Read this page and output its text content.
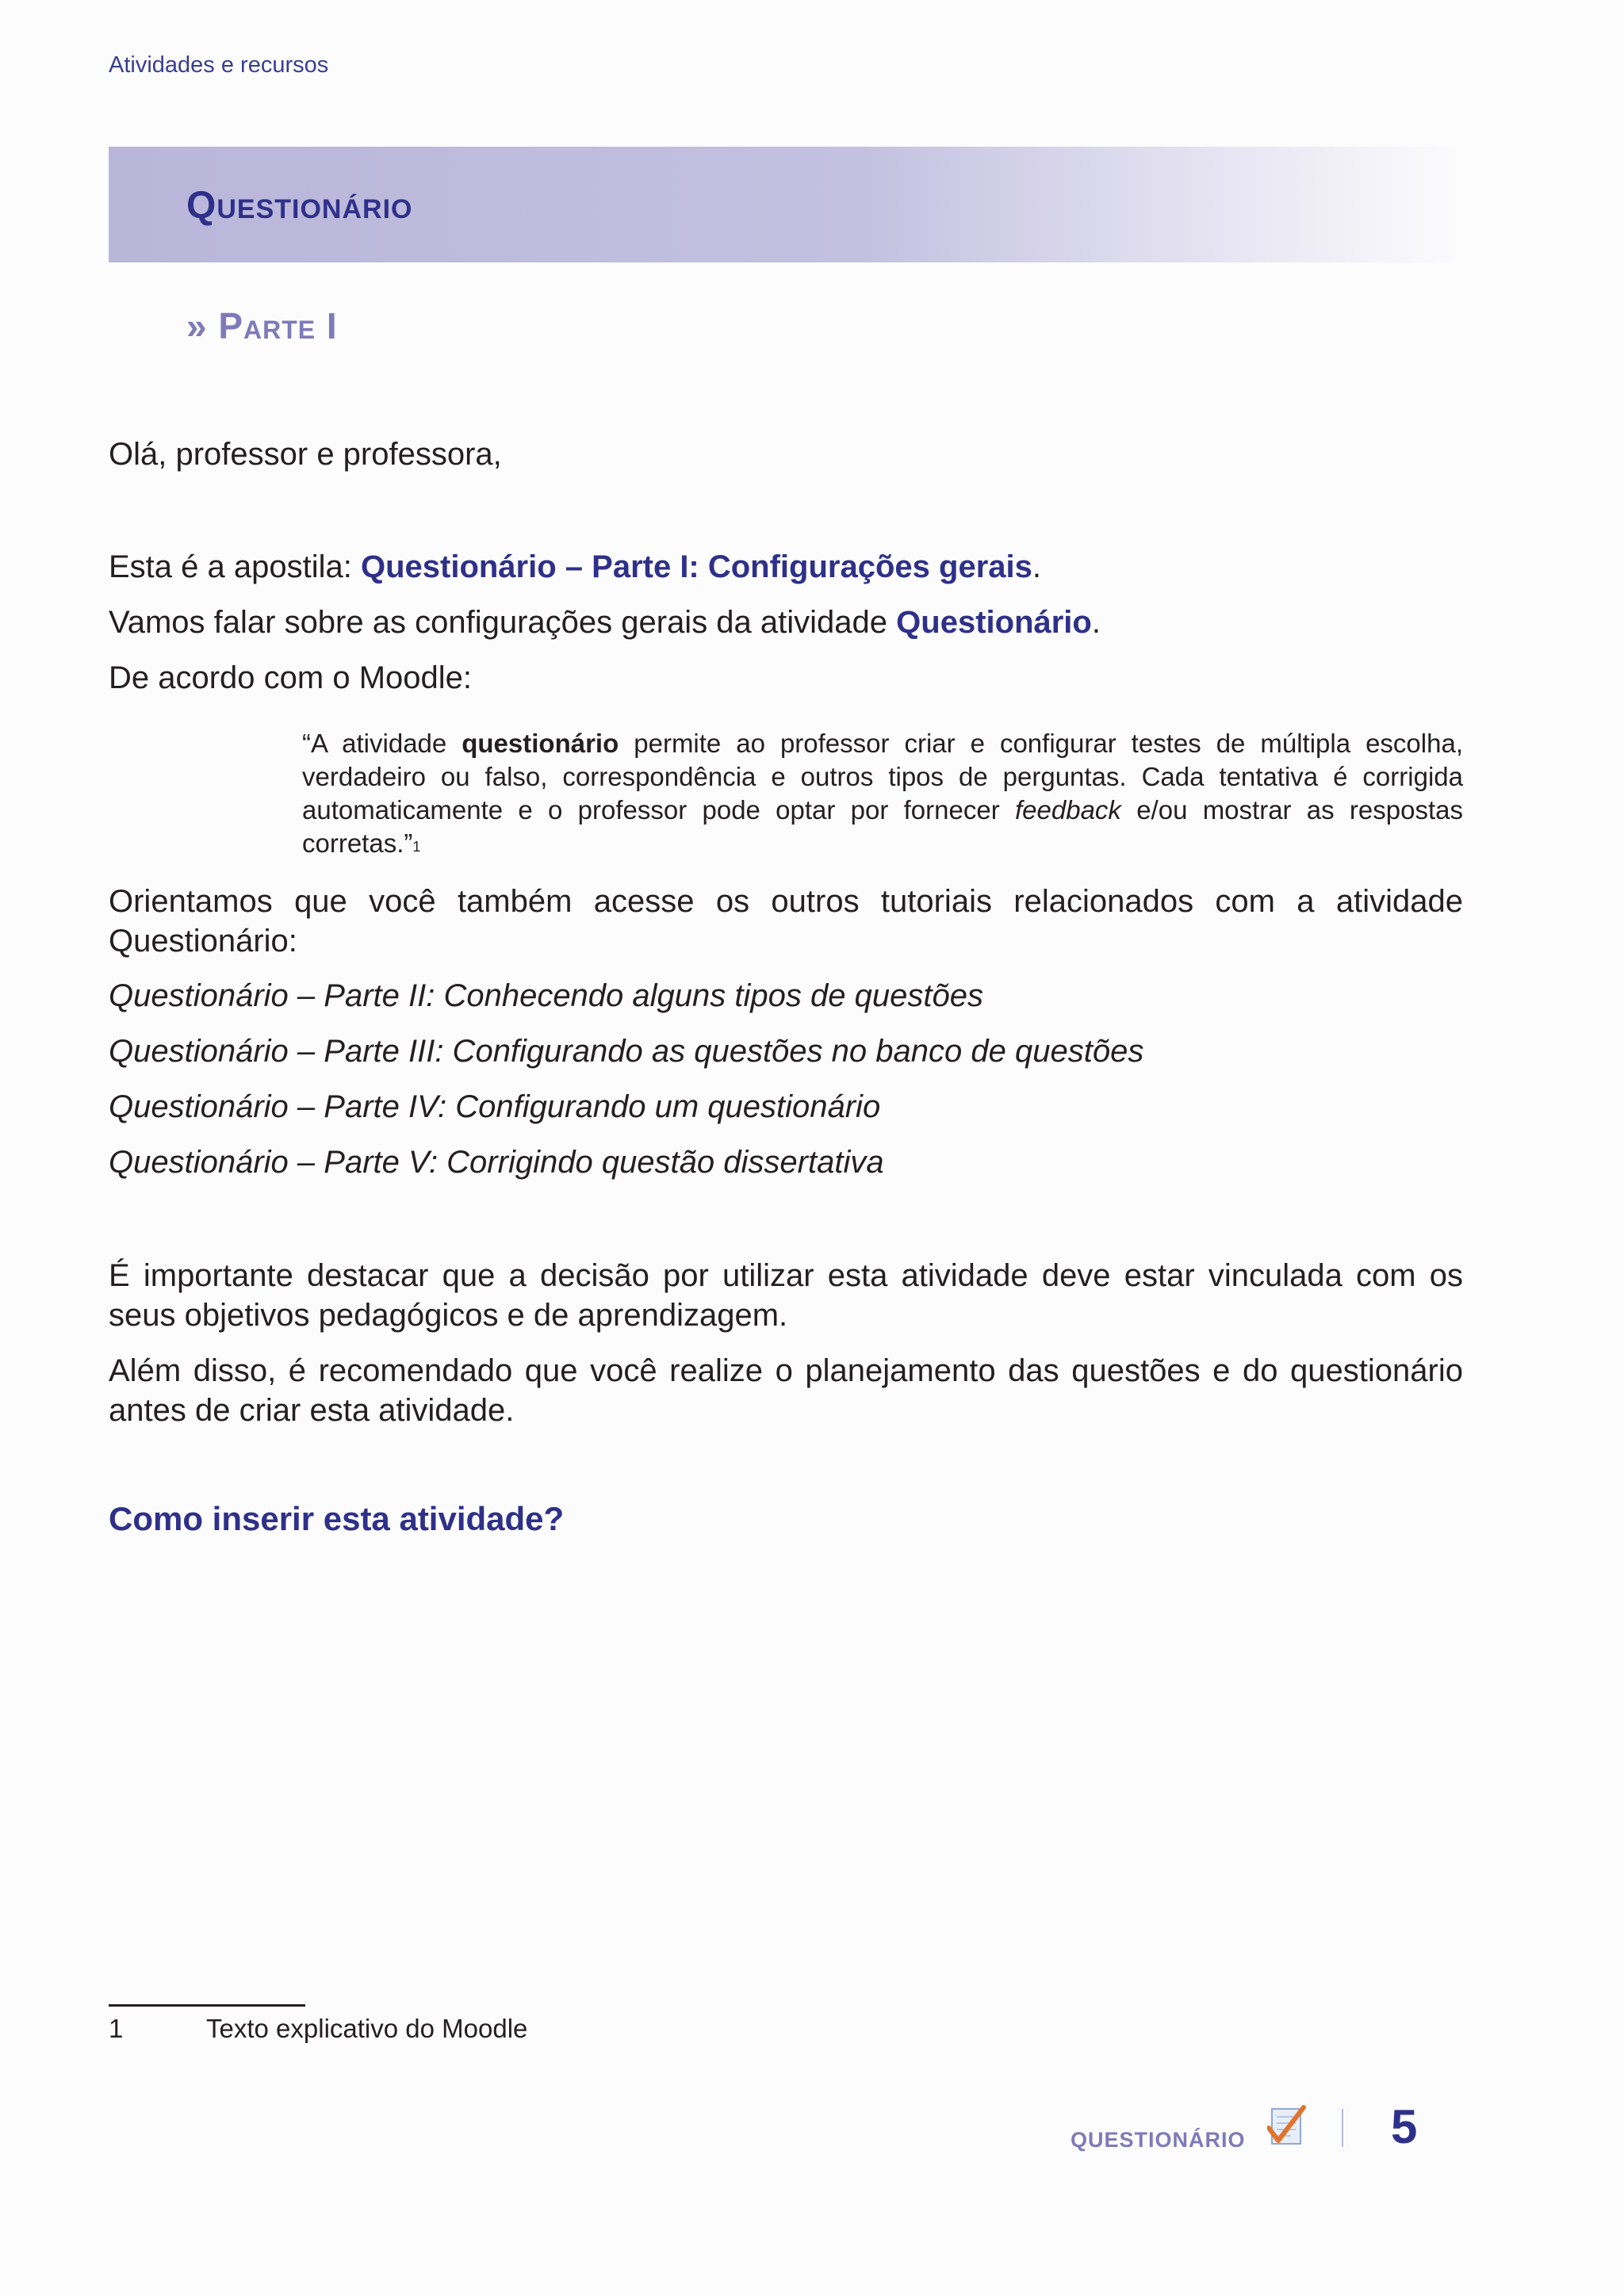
Atividades e recursos
Questionário
» Parte I
Olá, professor e professora,
Esta é a apostila: Questionário – Parte I: Configurações gerais.
Vamos falar sobre as configurações gerais da atividade Questionário.
De acordo com o Moodle:
“A atividade questionário permite ao professor criar e configurar testes de múltipla escolha, verdadeiro ou falso, correspondência e outros tipos de perguntas. Cada tentativa é corrigida automaticamente e o professor pode optar por fornecer feedback e/ou mostrar as respostas corretas.”$^1$
Orientamos que você também acesse os outros tutoriais relacionados com a atividade Questionário:
Questionário – Parte II: Conhecendo alguns tipos de questões
Questionário – Parte III: Configurando as questões no banco de questões
Questionário – Parte IV: Configurando um questionário
Questionário – Parte V: Corrigindo questão dissertativa
É importante destacar que a decisão por utilizar esta atividade deve estar vinculada com os seus objetivos pedagógicos e de aprendizagem.
Além disso, é recomendado que você realize o planejamento das questões e do questionário antes de criar esta atividade.
Como inserir esta atividade?
1	Texto explicativo do Moodle
QUESTIONÁRIO	5
